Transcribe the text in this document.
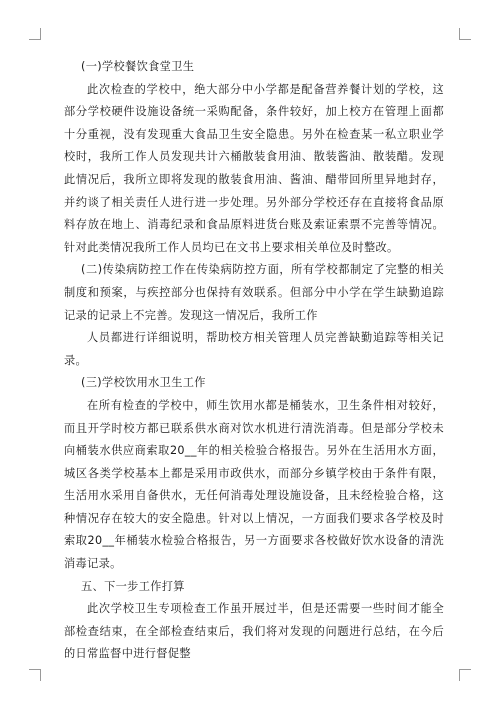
(一)学校餐饮食堂卫生

此次检查的学校中，绝大部分中小学都是配备营养餐计划的学校，这部分学校硬件设施设备统一采购配备，条件较好，加上校方在管理上面都十分重视，没有发现重大食品卫生安全隐患。另外在检查某一私立职业学校时，我所工作人员发现共计六桶散装食用油、散装酱油、散装醋。发现此情况后，我所立即将发现的散装食用油、酱油、醋带回所里异地封存，并约谈了相关责任人进行进一步处理。另外部分学校还存在直接将食品原料存放在地上、消毒纪录和食品原料进货台账及索证索票不完善等情况。针对此类情况我所工作人员均已在文书上要求相关单位及时整改。

(二)传染病防控工作在传染病防控方面，所有学校都制定了完整的相关制度和预案，与疾控部分也保持有效联系。但部分中小学在学生缺勤追踪记录的记录上不完善。发现这一情况后，我所工作

人员都进行详细说明，帮助校方相关管理人员完善缺勤追踪等相关记录。

(三)学校饮用水卫生工作

在所有检查的学校中，师生饮用水都是桶装水，卫生条件相对较好，而且开学时校方都已联系供水商对饮水机进行清洗消毒。但是部分学校未向桶装水供应商索取20__年的相关检验合格报告。另外在生活用水方面，城区各类学校基本上都是采用市政供水，而部分乡镇学校由于条件有限，生活用水采用自备供水，无任何消毒处理设施设备，且未经检验合格，这种情况存在较大的安全隐患。针对以上情况，一方面我们要求各学校及时索取20__年桶装水检验合格报告，另一方面要求各校做好饮水设备的清洗消毒记录。

五、下一步工作打算

此次学校卫生专项检查工作虽开展过半，但是还需要一些时间才能全部检查结束，在全部检查结束后，我们将对发现的问题进行总结，在今后的日常监督中进行督促整
